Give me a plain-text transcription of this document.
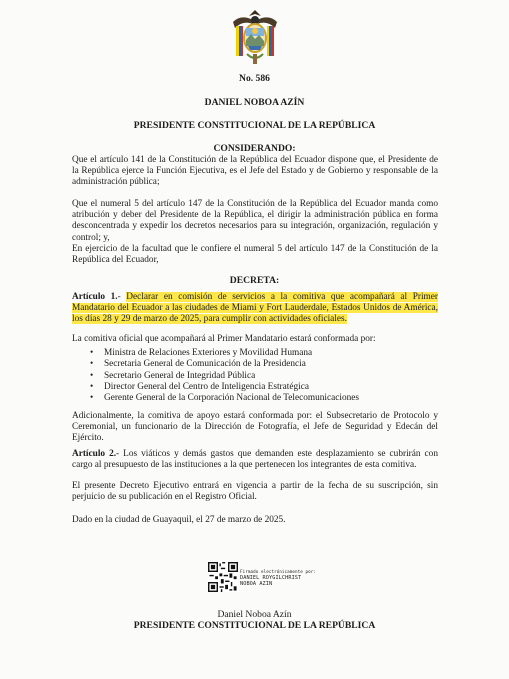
No. 586
DANIEL NOBOA AZÍN
PRESIDENTE CONSTITUCIONAL DE LA REPÚBLICA
CONSIDERANDO:
Que el artículo 141 de la Constitución de la República del Ecuador dispone que, el Presidente de la República ejerce la Función Ejecutiva, es el Jefe del Estado y de Gobierno y responsable de la administración pública;
Que el numeral 5 del artículo 147 de la Constitución de la República del Ecuador manda como atribución y deber del Presidente de la República, el dirigir la administración pública en forma desconcentrada y expedir los decretos necesarios para su integración, organización, regulación y control; y,
En ejercicio de la facultad que le confiere el numeral 5 del artículo 147 de la Constitución de la República del Ecuador,
DECRETA:
Artículo 1.- Declarar en comisión de servicios a la comitiva que acompañará al Primer Mandatario del Ecuador a las ciudades de Miami y Fort Lauderdale, Estados Unidos de América, los días 28 y 29 de marzo de 2025, para cumplir con actividades oficiales.
La comitiva oficial que acompañará al Primer Mandatario estará conformada por:
• Ministra de Relaciones Exteriores y Movilidad Humana
• Secretaria General de Comunicación de la Presidencia
• Secretario General de Integridad Pública
• Director General del Centro de Inteligencia Estratégica
• Gerente General de la Corporación Nacional de Telecomunicaciones
Adicionalmente, la comitiva de apoyo estará conformada por: el Subsecretario de Protocolo y Ceremonial, un funcionario de la Dirección de Fotografía, el Jefe de Seguridad y Edecán del Ejército.
Artículo 2.- Los viáticos y demás gastos que demanden este desplazamiento se cubrirán con cargo al presupuesto de las instituciones a la que pertenecen los integrantes de esta comitiva.
El presente Decreto Ejecutivo entrará en vigencia a partir de la fecha de su suscripción, sin perjuicio de su publicación en el Registro Oficial.
Dado en la ciudad de Guayaquil, el 27 de marzo de 2025.
Firmado electrónicamente por:
DANIEL ROYGILCHRIST
NOBOA AZIN
Daniel Noboa Azín
PRESIDENTE CONSTITUCIONAL DE LA REPÚBLICA
